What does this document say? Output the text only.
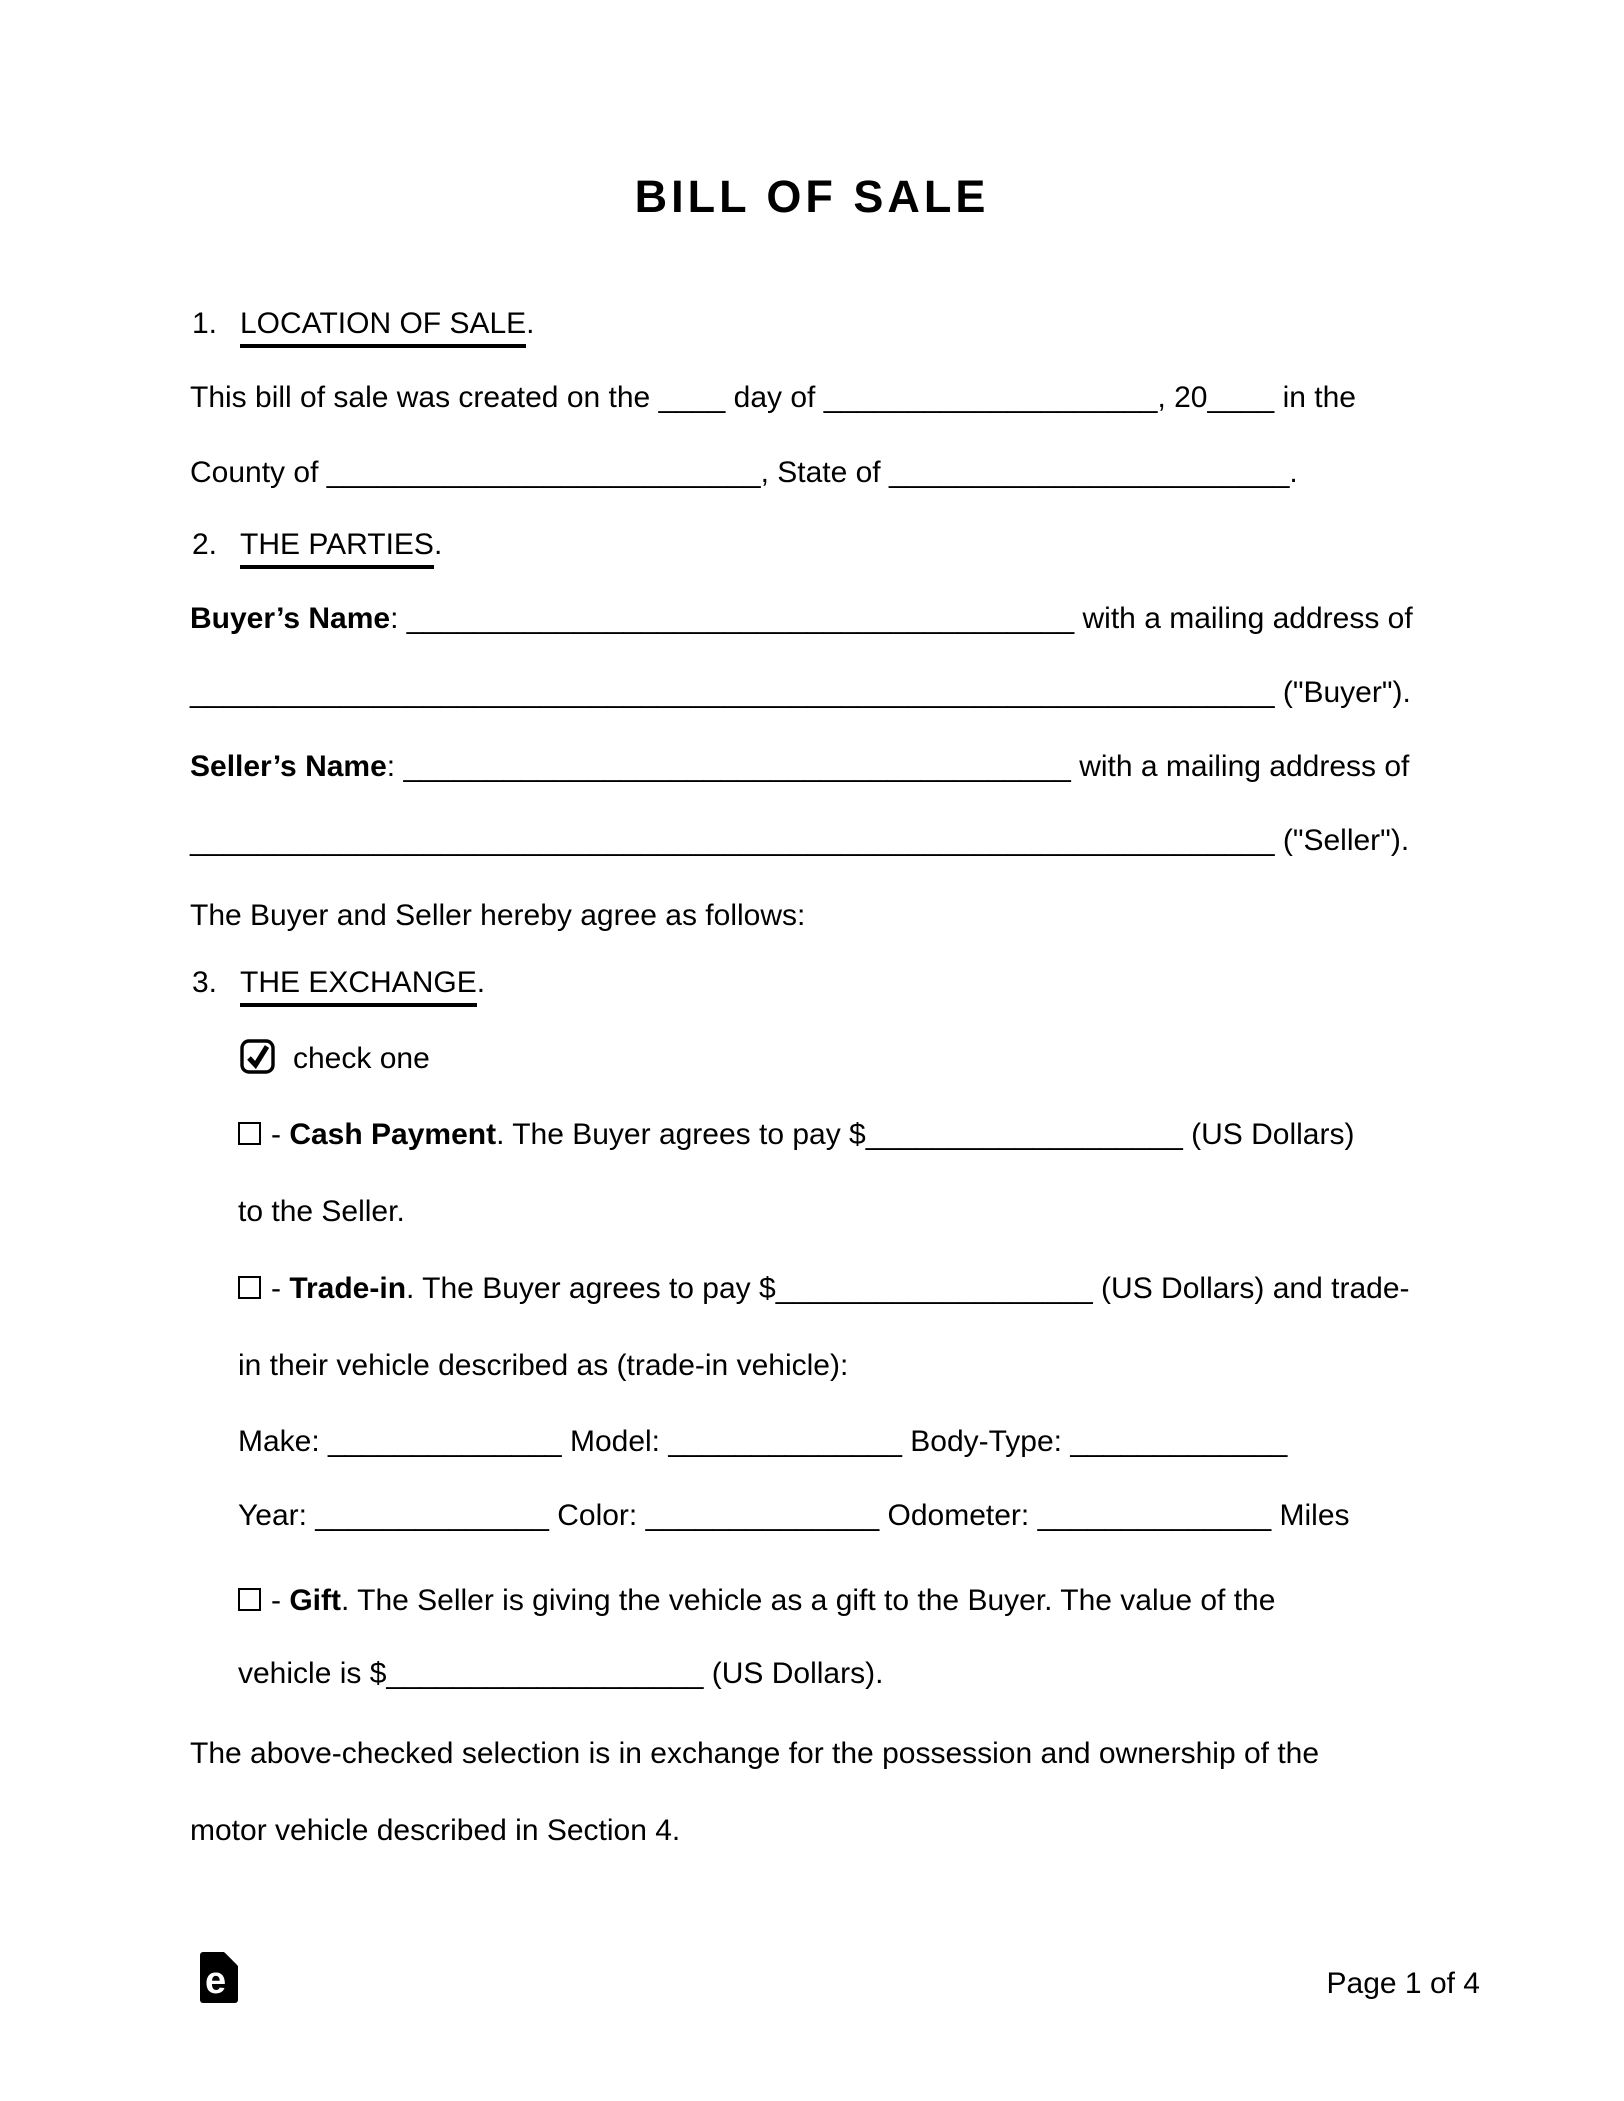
BILL OF SALE
1. LOCATION OF SALE.
This bill of sale was created on the ____ day of ____________________, 20____ in the
County of __________________________, State of ________________________.
2. THE PARTIES.
Buyer’s Name: ________________________________________ with a mailing address of
_________________________________________________________________ ("Buyer").
Seller’s Name: ________________________________________ with a mailing address of
_________________________________________________________________ ("Seller").
The Buyer and Seller hereby agree as follows:
3. THE EXCHANGE.
check one
- Cash Payment. The Buyer agrees to pay $___________________ (US Dollars)
to the Seller.
- Trade-in. The Buyer agrees to pay $___________________ (US Dollars) and trade-
in their vehicle described as (trade-in vehicle):
Make: ______________ Model: ______________ Body-Type: _____________
Year: ______________ Color: ______________ Odometer: ______________ Miles
- Gift. The Seller is giving the vehicle as a gift to the Buyer. The value of the
vehicle is $___________________ (US Dollars).
The above-checked selection is in exchange for the possession and ownership of the
motor vehicle described in Section 4.
e	Page 1 of 4
